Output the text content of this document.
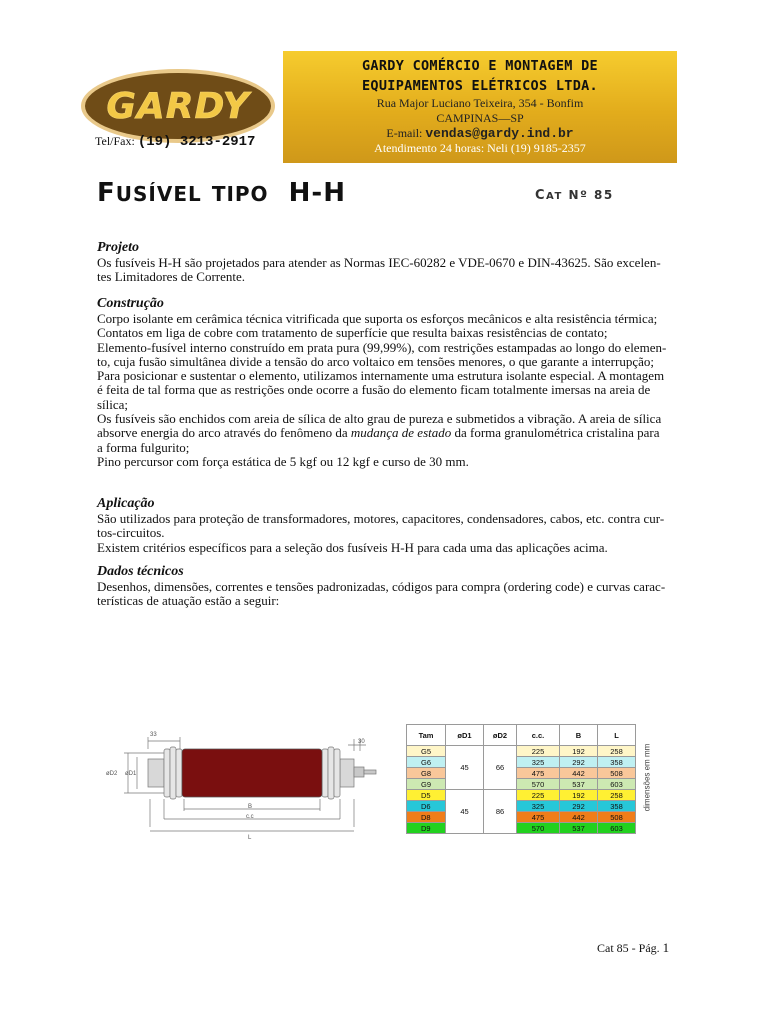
GARDY
Tel/Fax: (19) 3213-2917
GARDY COMÉRCIO E MONTAGEM DE
EQUIPAMENTOS ELÉTRICOS LTDA.
Rua Major Luciano Teixeira, 354 - Bonfim
CAMPINAS—SP
E-mail: vendas@gardy.ind.br
Atendimento 24 horas: Neli (19) 9185-2357
FUSÍVEL TIPO H-H	CAT Nº 85
Projeto

Os fusíveis H-H são projetados para atender as Normas IEC-60282 e VDE-0670 e DIN-43625. São excelen-

tes Limitadores de Corrente.

Construção

Corpo isolante em cerâmica técnica vitrificada que suporta os esforços mecânicos e alta resistência térmica;

Contatos em liga de cobre com tratamento de superfície que resulta baixas resistências de contato;

Elemento-fusível interno construído em prata pura (99,99%), com restrições estampadas ao longo do elemen-

to, cuja fusão simultânea divide a tensão do arco voltaico em tensões menores, o que garante a interrupção;

Para posicionar e sustentar o elemento, utilizamos internamente uma estrutura isolante especial. A montagem

é feita de tal forma que as restrições onde ocorre a fusão do elemento ficam totalmente imersas na areia de

sílica;

Os fusíveis são enchidos com areia de sílica de alto grau de pureza e submetidos a vibração. A areia de sílica

absorve energia do arco através do fenômeno da mudança de estado da forma granulométrica cristalina para

a forma fulgurito;

Pino percursor com força estática de 5 kgf ou 12 kgf e curso de 30 mm.

Aplicação

São utilizados para proteção de transformadores, motores, capacitores, condensadores, cabos, etc. contra cur-

tos-circuitos.

Existem critérios específicos para a seleção dos fusíveis H-H para cada uma das aplicações acima.

Dados técnicos

Desenhos, dimensões, correntes e tensões padronizadas, códigos para compra (ordering code) e curvas carac-

terísticas de atuação estão a seguir:

33
30
øD2 øD1
B
c.c
L
Tam	øD1	øD2	c.c.	B	L
G5	45	66	225	192	258
G6			325	292	358
G8			475	442	508
G9			570	537	603
D5	45	86	225	192	258
D6			325	292	358
D8			475	442	508
D9			570	537	603
dimensões em mm
Cat 85 - Pág. 1
